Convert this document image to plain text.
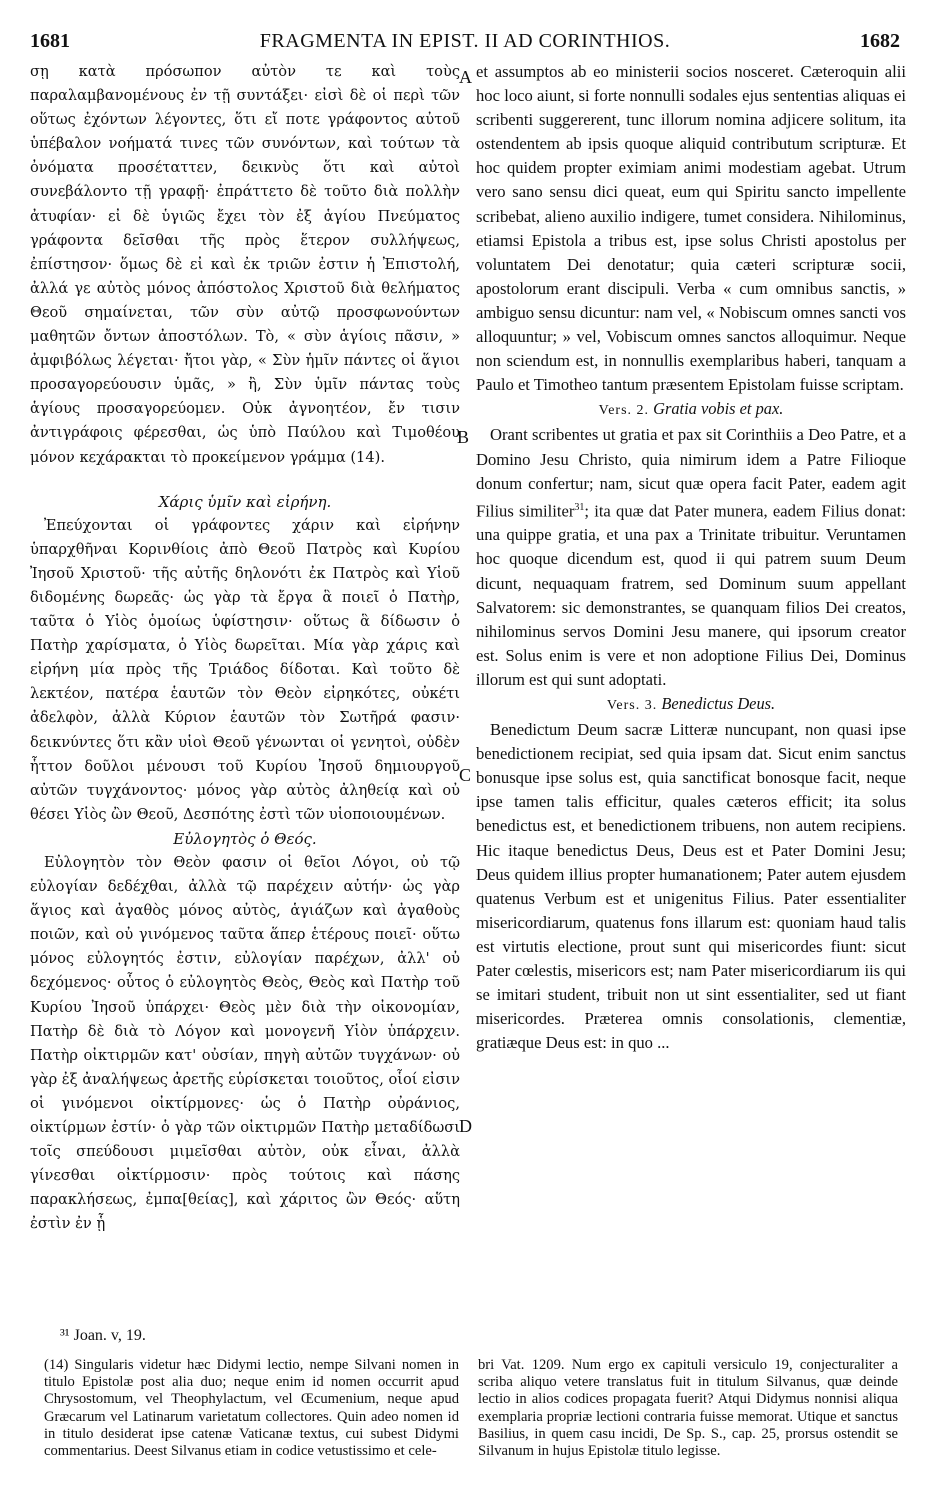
1681	FRAGMENTA IN EPIST. II AD CORINTHIOS.	1682

σῃ κατὰ πρόσωπον αὐτὸν τε καὶ τοὺς παραλαμβανομένους ἐν τῇ συντάξει· εἰσὶ δὲ οἱ περὶ τῶν οὕτως ἐχόντων λέγοντες, ὅτι εἴ ποτε γράφοντος αὐτοῦ ὑπέβαλον νοήματά τινες τῶν συνόντων, καὶ τούτων τὰ ὀνόματα προσέταττεν, δεικνὺς ὅτι καὶ αὐτοὶ συνεβάλοντο τῇ γραφῇ· ἐπράττετο δὲ τοῦτο διὰ πολλὴν ἀτυφίαν· εἰ δὲ ὑγιῶς ἔχει τὸν ἐξ ἁγίου Πνεύματος γράφοντα δεῖσθαι τῆς πρὸς ἕτερον συλλήψεως, ἐπίστησον· ὅμως δὲ εἰ καὶ ἐκ τριῶν ἐστιν ἡ Ἐπιστολή, ἀλλά γε αὐτὸς μόνος ἀπόστολος Χριστοῦ διὰ θελήματος Θεοῦ σημαίνεται, τῶν σὺν αὐτῷ προσφωνούντων μαθητῶν ὄντων ἀποστόλων. Τὸ, « σὺν ἁγίοις πᾶσιν, » ἀμφιβόλως λέγεται· ἤτοι γὰρ, « Σὺν ἡμῖν πάντες οἱ ἅγιοι προσαγορεύουσιν ὑμᾶς, » ἢ, Σὺν ὑμῖν πάντας τοὺς ἁγίους προσαγορεύομεν. Οὐκ ἀγνοητέον, ἔν τισιν ἀντιγράφοις φέρεσθαι, ὡς ὑπὸ Παύλου καὶ Τιμοθέου μόνον κεχάρακται τὸ προκείμενον γράμμα (14).

Χάρις ὑμῖν καὶ εἰρήνη.

Ἐπεύχονται οἱ γράφοντες χάριν καὶ εἰρήνην ὑπαρχθῆναι Κορινθίοις ἀπὸ Θεοῦ Πατρὸς καὶ Κυρίου Ἰησοῦ Χριστοῦ· τῆς αὐτῆς δηλονότι ἐκ Πατρὸς καὶ Υἱοῦ διδομένης δωρεᾶς· ὡς γὰρ τὰ ἔργα ἃ ποιεῖ ὁ Πατὴρ, ταῦτα ὁ Υἱὸς ὁμοίως ὑφίστησιν· οὕτως ἃ δίδωσιν ὁ Πατὴρ χαρίσματα, ὁ Υἱὸς δωρεῖται. Μία γὰρ χάρις καὶ εἰρήνη μία πρὸς τῆς Τριάδος δίδοται. Καὶ τοῦτο δὲ λεκτέον, πατέρα ἑαυτῶν τὸν Θεὸν εἰρηκότες, οὐκέτι ἀδελφὸν, ἀλλὰ Κύριον ἑαυτῶν τὸν Σωτῆρά φασιν· δεικνύντες ὅτι κἂν υἱοὶ Θεοῦ γένωνται οἱ γενητοὶ, οὐδὲν ἧττον δοῦλοι μένουσι τοῦ Κυρίου Ἰησοῦ δημιουργοῦ αὐτῶν τυγχάνοντος· μόνος γὰρ αὐτὸς ἀληθείᾳ καὶ οὐ θέσει Υἱὸς ὢν Θεοῦ, Δεσπότης ἐστὶ τῶν υἱοποιουμένων.

Εὐλογητὸς ὁ Θεός.

Εὐλογητὸν τὸν Θεὸν φασιν οἱ θεῖοι Λόγοι, οὐ τῷ εὐλογίαν δεδέχθαι, ἀλλὰ τῷ παρέχειν αὐτήν· ὡς γὰρ ἅγιος καὶ ἀγαθὸς μόνος αὐτὸς, ἁγιάζων καὶ ἀγαθοὺς ποιῶν, καὶ οὐ γινόμενος ταῦτα ἅπερ ἑτέρους ποιεῖ· οὕτω μόνος εὐλογητός ἐστιν, εὐλογίαν παρέχων, ἀλλ' οὐ δεχόμενος· οὗτος ὁ εὐλογητὸς Θεὸς, Θεὸς καὶ Πατὴρ τοῦ Κυρίου Ἰησοῦ ὑπάρχει· Θεὸς μὲν διὰ τὴν οἰκονομίαν, Πατὴρ δὲ διὰ τὸ Λόγον καὶ μονογενῆ Υἱὸν ὑπάρχειν. Πατὴρ οἰκτιρμῶν κατ' οὐσίαν, πηγὴ αὐτῶν τυγχάνων· οὐ γὰρ ἐξ ἀναλήψεως ἀρετῆς εὑρίσκεται τοιοῦτος, οἷοί εἰσιν οἱ γινόμενοι οἰκτίρμονες· ὡς ὁ Πατὴρ οὐράνιος, οἰκτίρμων ἐστίν· ὁ γὰρ τῶν οἰκτιρμῶν Πατὴρ μεταδίδωσι τοῖς σπεύδουσι μιμεῖσθαι αὐτὸν, οὐκ εἶναι, ἀλλὰ γίνεσθαι οἰκτίρμοσιν· πρὸς τούτοις καὶ πάσης παρακλήσεως, ἐμπα[θείας], καὶ χάριτος ὢν Θεός· αὕτη ἐστὶν ἐν ᾗ

et assumptos ab eo ministerii socios nosceret. Cæteroquin alii hoc loco aiunt, si forte nonnulli sodales ejus sententias aliquas ei scribenti suggererent, tunc illorum nomina adjicere solitum, ita ostendentem ab ipsis quoque aliquid contributum scripturæ. Et hoc quidem propter eximiam animi modestiam agebat. Utrum vero sano sensu dici queat, eum qui Spiritu sancto impellente scribebat, alieno auxilio indigere, tumet considera. Nihilominus, etiamsi Epistola a tribus est, ipse solus Christi apostolus per voluntatem Dei denotatur; quia cæteri scripturæ socii, apostolorum erant discipuli. Verba « cum omnibus sanctis, » ambiguo sensu dicuntur: nam vel, « Nobiscum omnes sancti vos alloquuntur; » vel, Vobiscum omnes sanctos alloquimur. Neque non sciendum est, in nonnullis exemplaribus haberi, tanquam a Paulo et Timotheo tantum præsentem Epistolam fuisse scriptam.

Vers. 2. Gratia vobis et pax.

Orant scribentes ut gratia et pax sit Corinthiis a Deo Patre, et a Domino Jesu Christo, quia nimirum idem a Patre Filioque donum confertur; nam, sicut quæ opera facit Pater, eadem agit Filius similiter$^{31}$; ita quæ dat Pater munera, eadem Filius donat: una quippe gratia, et una pax a Trinitate tribuitur. Veruntamen hoc quoque dicendum est, quod ii qui patrem suum Deum dicunt, nequaquam fratrem, sed Dominum suum appellant Salvatorem: sic demonstrantes, se quanquam filios Dei creatos, nihilominus servos Domini Jesu manere, qui ipsorum creator est. Solus enim is vere et non adoptione Filius Dei, Dominus illorum est qui sunt adoptati.

Vers. 3. Benedictus Deus.

Benedictum Deum sacræ Litteræ nuncupant, non quasi ipse benedictionem recipiat, sed quia ipsam dat. Sicut enim sanctus bonusque ipse solus est, quia sanctificat bonosque facit, neque ipse tamen talis efficitur, quales cæteros efficit; ita solus benedictus est, et benedictionem tribuens, non autem recipiens. Hic itaque benedictus Deus, Deus est et Pater Domini Jesu; Deus quidem illius propter humanationem; Pater autem ejusdem quatenus Verbum est et unigenitus Filius. Pater essentialiter misericordiarum, quatenus fons illarum est: quoniam haud talis est virtutis electione, prout sunt qui misericordes fiunt: sicut Pater cœlestis, misericors est; nam Pater misericordiarum iis qui se imitari student, tribuit non ut sint essentialiter, sed ut fiant misericordes. Præterea omnis consolationis, clementiæ, gratiæque Deus est: in quo ...

A
B
C
D
³¹ Joan. v, 19.

(14) Singularis videtur hæc Didymi lectio, nempe Silvani nomen in titulo Epistolæ post alia duo; neque enim id nomen occurrit apud Chrysostomum, vel Theophylactum, vel Œcumenium, neque apud Græcarum vel Latinarum varietatum collectores. Quin adeo nomen id in titulo desiderat ipse catenæ Vaticanæ textus, cui subest Didymi commentarius. Deest Silvanus etiam in codice vetustissimo et cele-

bri Vat. 1209. Num ergo ex capituli versiculo 19, conjecturaliter a scriba aliquo vetere translatus fuit in titulum Silvanus, quæ deinde lectio in alios codices propagata fuerit? Atqui Didymus nonnisi aliqua exemplaria propriæ lectioni contraria fuisse memorat. Utique et sanctus Basilius, in quem casu incidi, De Sp. S., cap. 25, prorsus ostendit se Silvanum in hujus Epistolæ titulo legisse.
